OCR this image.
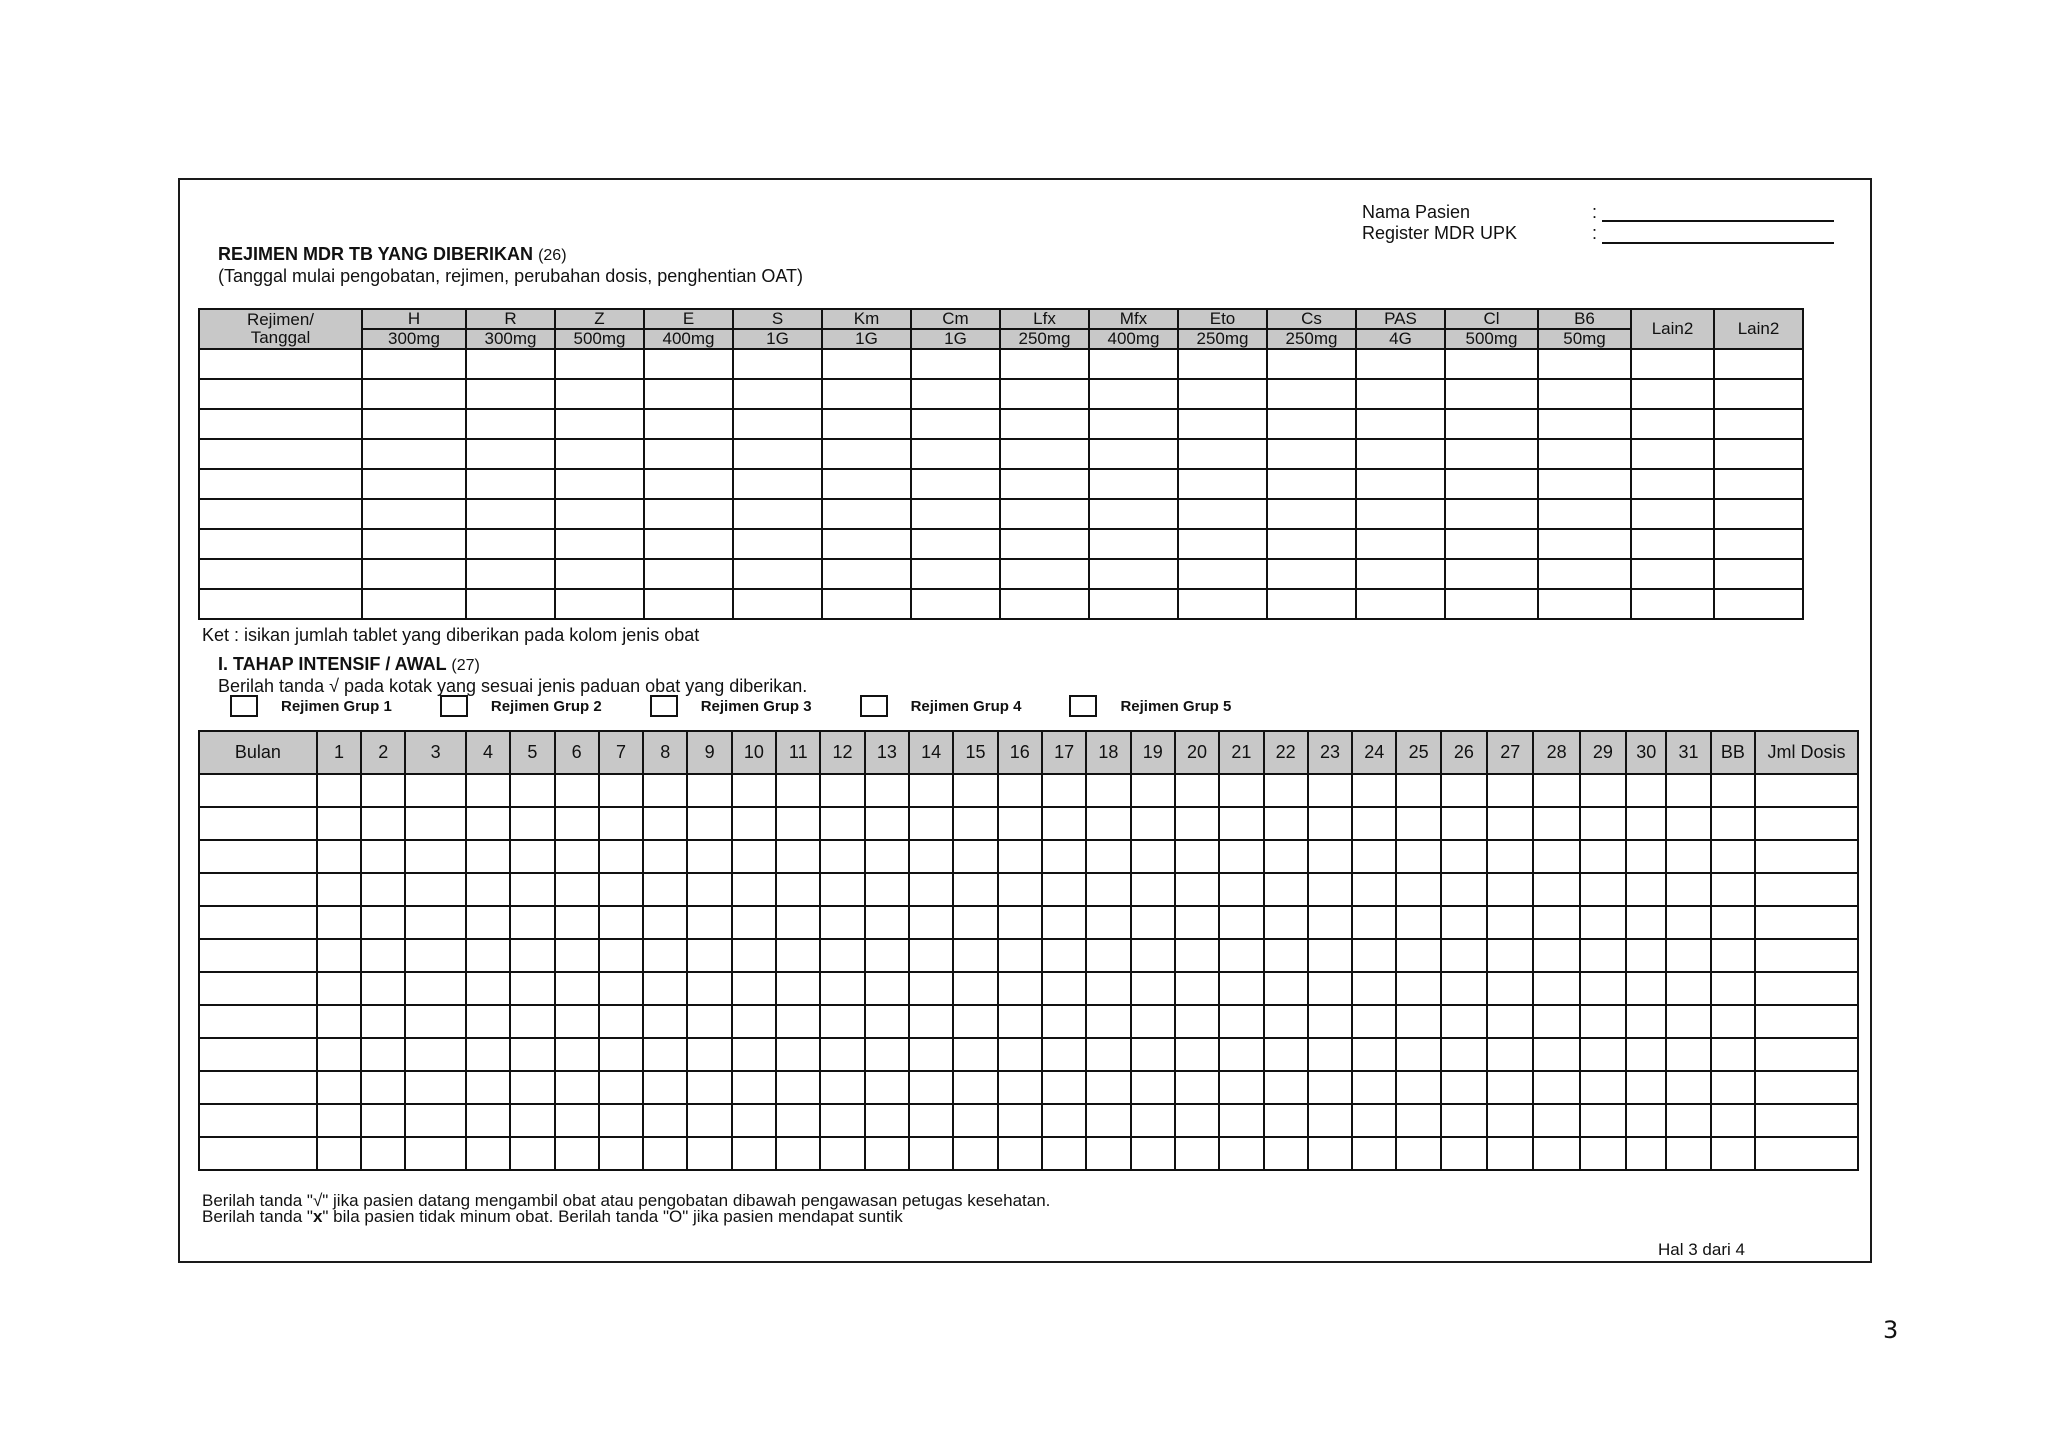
Nama Pasien	:
Register MDR UPK	:
REJIMEN MDR TB YANG DIBERIKAN (26)
(Tanggal mulai pengobatan, rejimen, perubahan dosis, penghentian OAT)
Rejimen/
Tanggal	H	R	Z	E	S	Km	Cm	Lfx	Mfx	Eto	Cs	PAS	Cl	B6	Lain2	Lain2
	300mg	300mg	500mg	400mg	1G	1G	1G	250mg	400mg	250mg	250mg	4G	500mg	50mg		

Ket : isikan jumlah tablet yang diberikan pada kolom jenis obat
I. TAHAP INTENSIF / AWAL (27)
Berilah tanda √ pada kotak yang sesuai jenis paduan obat yang diberikan.
Rejimen Grup 1	Rejimen Grup 2	Rejimen Grup 3	Rejimen Grup 4	Rejimen Grup 5
Bulan	1	2	3	4	5	6	7	8	9	10	11	12	13	14	15	16	17	18	19	20	21	22	23	24	25	26	27	28	29	30	31	BB	Jml Dosis

Berilah tanda "√" jika pasien datang mengambil obat atau pengobatan dibawah pengawasan petugas kesehatan.
Berilah tanda "x" bila pasien tidak minum obat. Berilah tanda "O" jika pasien mendapat suntik
Hal 3 dari 4
3
